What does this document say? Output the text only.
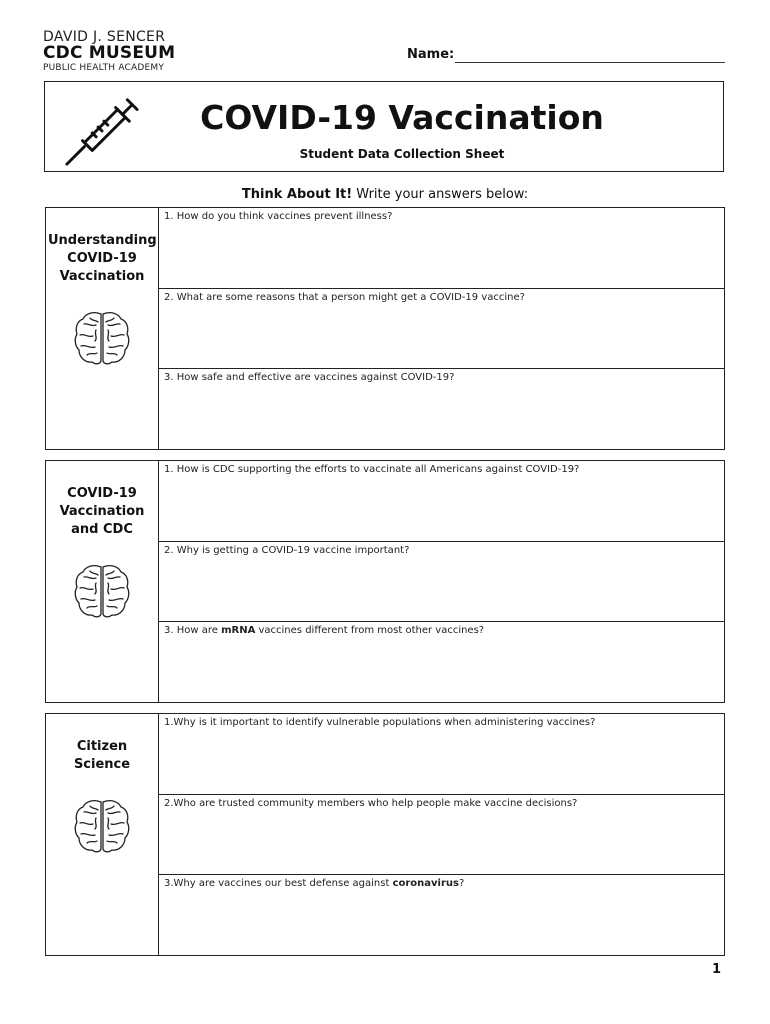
DAVID J. SENCER
CDC MUSEUM
PUBLIC HEALTH ACADEMY
Name:
COVID-19 Vaccination
Student Data Collection Sheet
Think About It! Write your answers below:
Understanding COVID-19 Vaccination
1. How do you think vaccines prevent illness?
2. What are some reasons that a person might get a COVID-19 vaccine?
3. How safe and effective are vaccines against COVID-19?
COVID-19 Vaccination and CDC
1. How is CDC supporting the efforts to vaccinate all Americans against COVID-19?
2. Why is getting a COVID-19 vaccine important?
3. How are mRNA vaccines different from most other vaccines?
Citizen Science
1.Why is it important to identify vulnerable populations when administering vaccines?
2.Who are trusted community members who help people make vaccine decisions?
3.Why are vaccines our best defense against coronavirus?
1
